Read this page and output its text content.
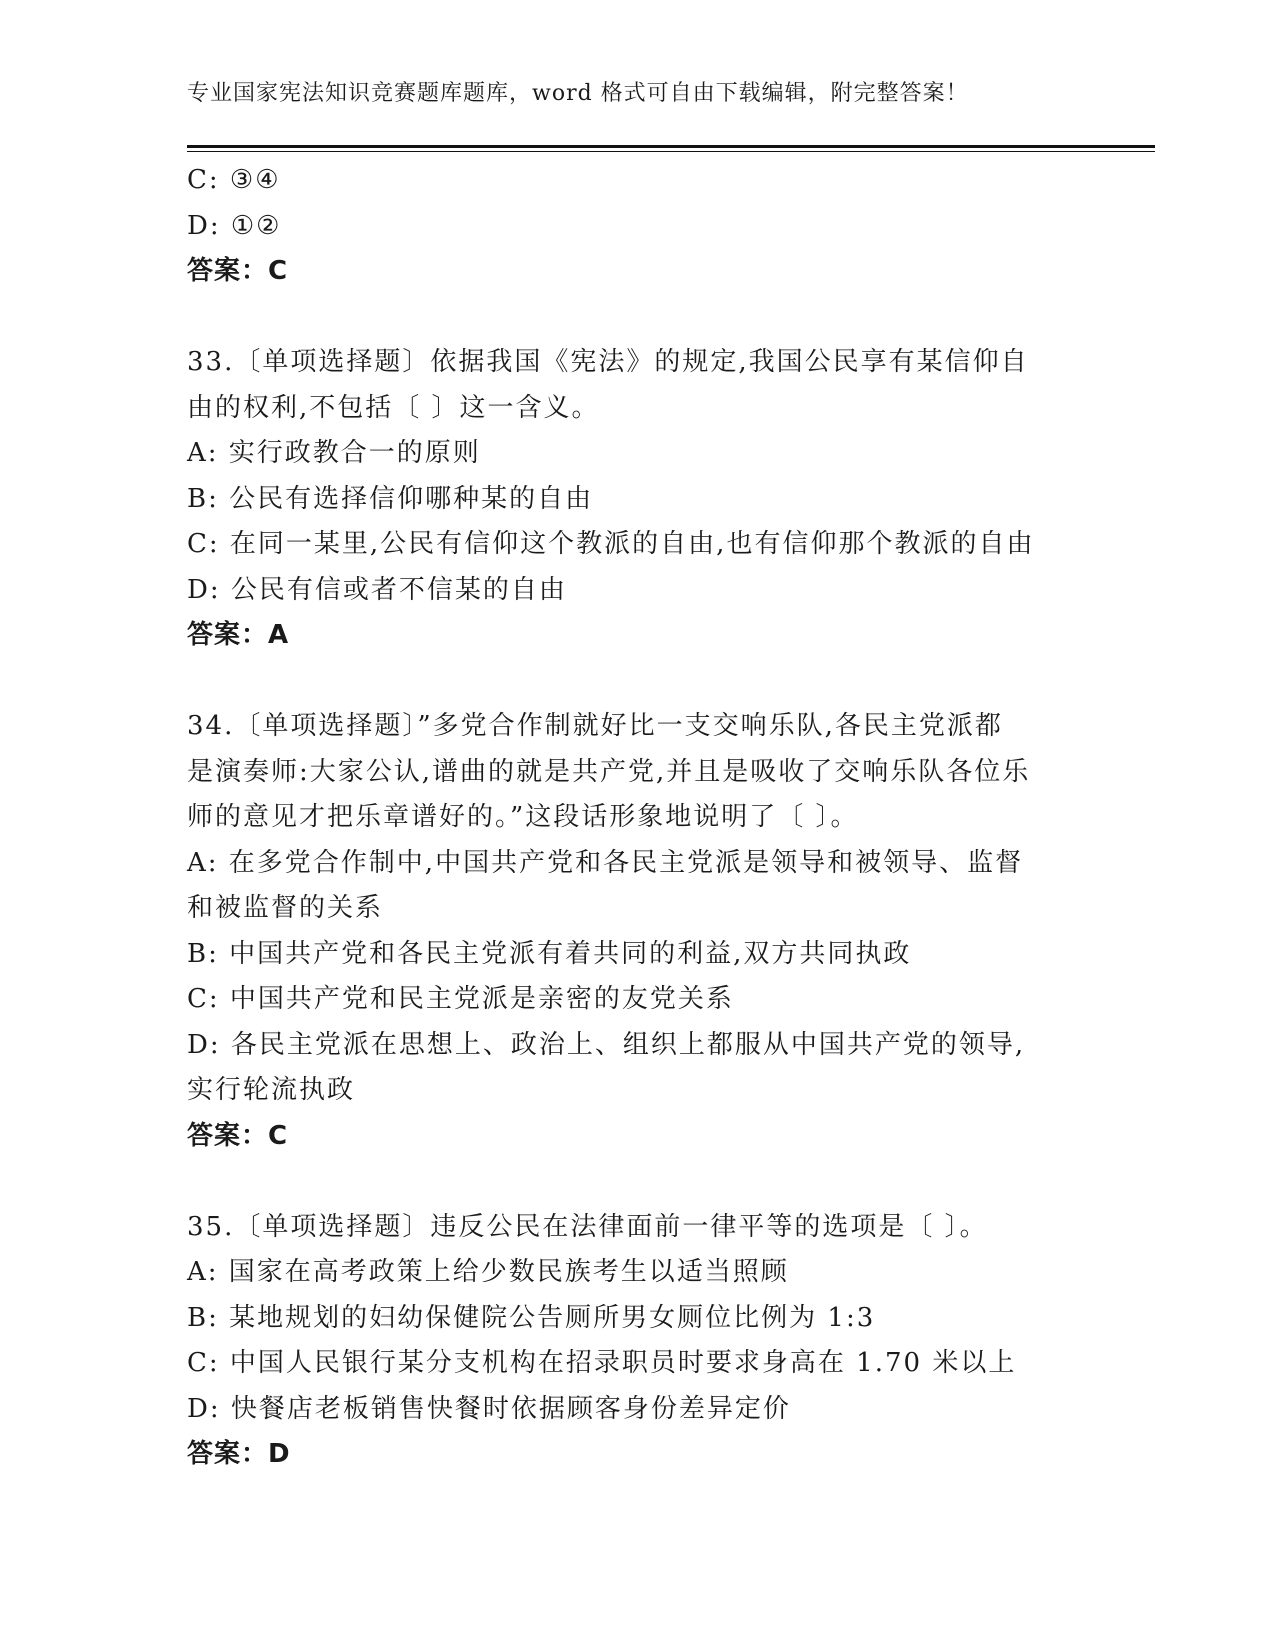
专业国家宪法知识竞赛题库题库，word 格式可自由下载编辑，附完整答案！
C: ③④
D: ①②
答案：C
33.〔单项选择题〕依据我国《宪法》的规定,我国公民享有某信仰自
由的权利,不包括〔 〕这一含义。
A: 实行政教合一的原则
B: 公民有选择信仰哪种某的自由
C: 在同一某里,公民有信仰这个教派的自由,也有信仰那个教派的自由
D: 公民有信或者不信某的自由
答案：A
34.〔单项选择题〕”多党合作制就好比一支交响乐队,各民主党派都
是演奏师:大家公认,谱曲的就是共产党,并且是吸收了交响乐队各位乐
师的意见才把乐章谱好的。”这段话形象地说明了〔 〕。
A: 在多党合作制中,中国共产党和各民主党派是领导和被领导、监督
和被监督的关系
B: 中国共产党和各民主党派有着共同的利益,双方共同执政
C: 中国共产党和民主党派是亲密的友党关系
D: 各民主党派在思想上、政治上、组织上都服从中国共产党的领导,
实行轮流执政
答案：C
35.〔单项选择题〕违反公民在法律面前一律平等的选项是〔 〕。
A: 国家在高考政策上给少数民族考生以适当照顾
B: 某地规划的妇幼保健院公告厕所男女厕位比例为 1:3
C: 中国人民银行某分支机构在招录职员时要求身高在 1.70 米以上
D: 快餐店老板销售快餐时依据顾客身份差异定价
答案：D
